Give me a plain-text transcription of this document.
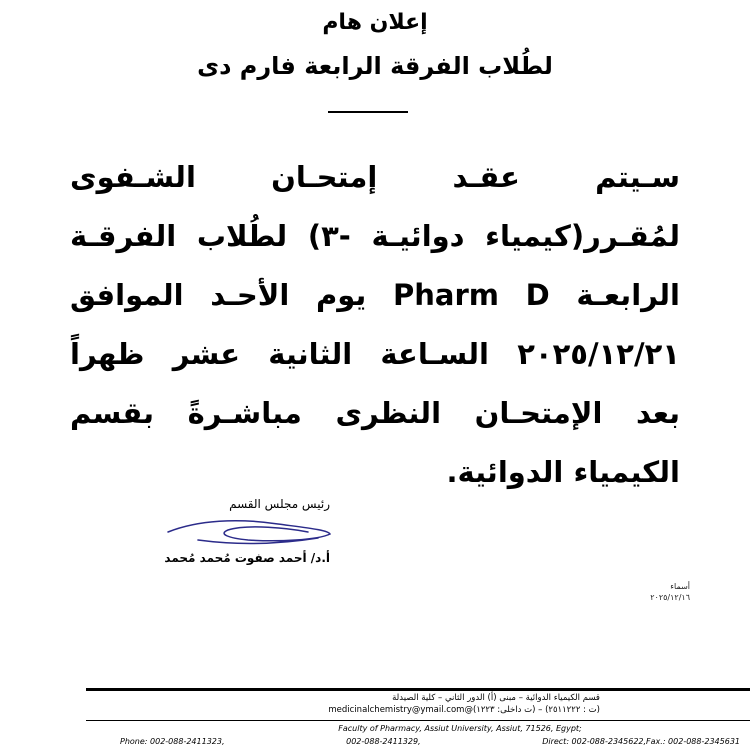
إعلان هام
لطُلاب الفرقة الرابعة فارم دى
سـيتم عقـد إمتحـان الشـفوى
لمُقـرر(كيمياء دوائيـة -٣) لطُلاب الفرقـة
الرابعـة Pharm D يوم الأحـد الموافق
٢٠٢٥/١٢/٢١ السـاعة الثانية عشر ظهراً
بعد الإمتحـان النظرى مباشـرةً بقسم
الكيمياء الدوائية.
رئيس مجلس القسم
أ.د/ أحمد صفوت مُحمد مُحمد
أسماء
٢٠٢٥/١٢/١٦
قسم الكيمياء الدوائية – مبنى (أ) الدور الثاني – كلية الصيدلة
medicinalchemistry@ymail.com@(ت داخلى: ١٢٢٣) – (ت : ٢٥١١٢٢٢)
Faculty of Pharmacy, Assiut University, Assiut, 71526, Egypt;
Phone: 002-088-2411323,	002-088-2411329,	Direct: 002-088-2345622,Fax.: 002-088-2345631
